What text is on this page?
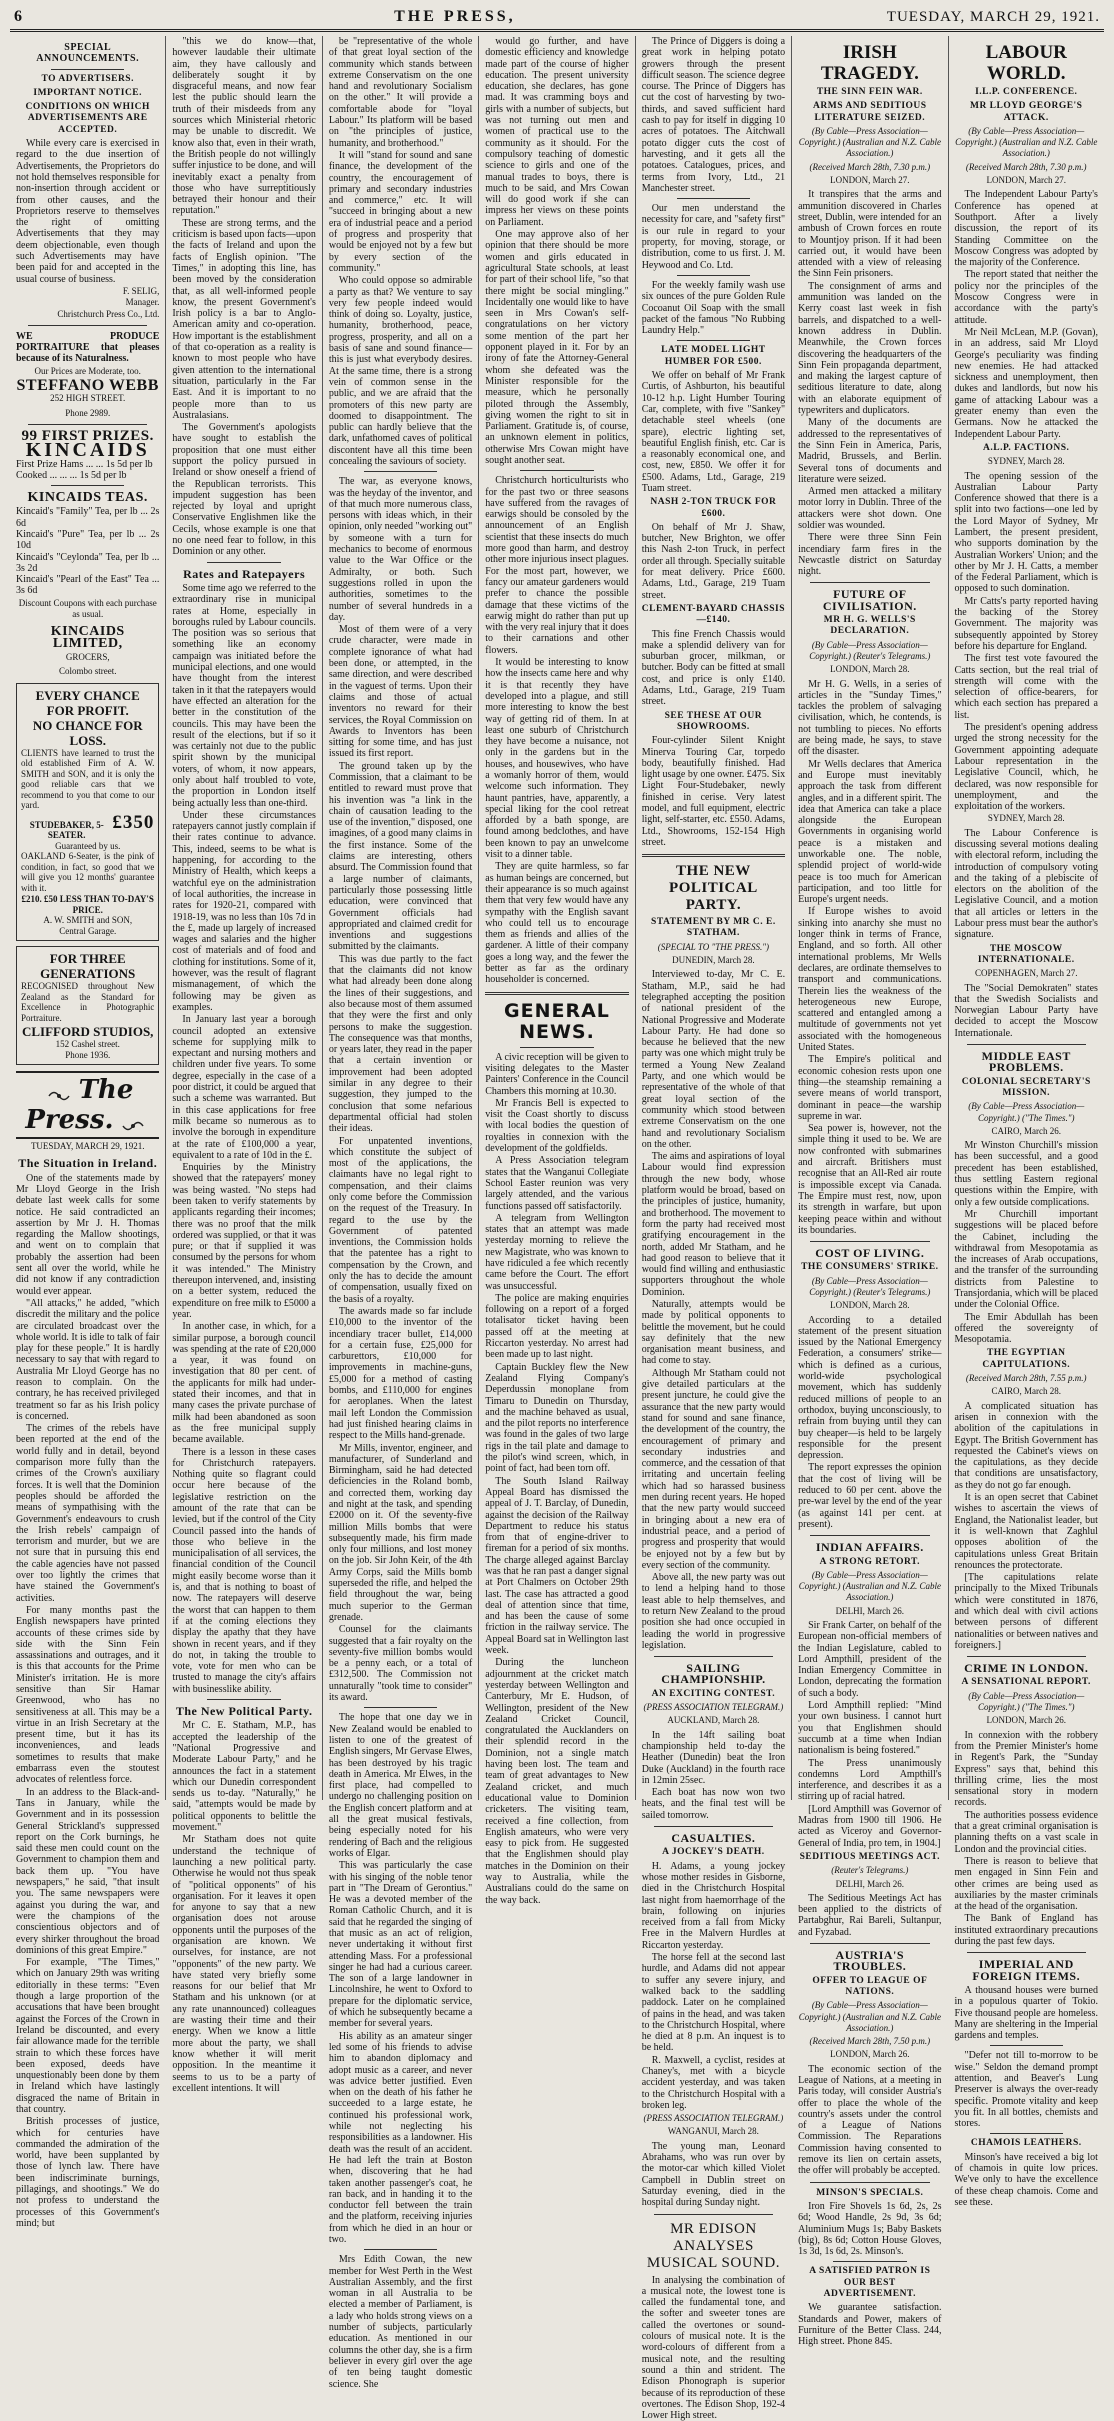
6	THE PRESS,	TUESDAY, MARCH 29, 1921.
SPECIAL ANNOUNCEMENTS.
TO ADVERTISERS.
IMPORTANT NOTICE.
CONDITIONS ON WHICH ADVERTISEMENTS ARE ACCEPTED.

While every care is exercised in regard to the due insertion of Advertisements, the Proprietors do not hold themselves responsible for non-insertion through accident or from other causes, and the Proprietors reserve to themselves the right of omitting Advertisements that they may deem objectionable, even though such Advertisements may have been paid for and accepted in the usual course of business.

F. SELIG,
Manager.
Christchurch Press Co., Ltd.

WE PRODUCE PORTRAITURE that pleases because of its Naturalness.

Our Prices are Moderate, too.
STEFFANO WEBB
252 HIGH STREET.
Phone 2989.
99 FIRST PRIZES.
KINCAIDS
First Prize Hams ... ... 1s 5d per lb
Cooked ... ... ... 1s 5d per lb
KINCAIDS TEAS.
Kincaid's "Family" Tea, per lb ... 2s 6d
Kincaid's "Pure" Tea, per lb ... 2s 10d
Kincaid's "Ceylonda" Tea, per lb ... 3s 2d
Kincaid's "Pearl of the East" Tea ... 3s 6d
Discount Coupons with each purchase as usual.
KINCAIDS LIMITED,
GROCERS,
Colombo street.
EVERY CHANCE FOR PROFIT.
NO CHANCE FOR LOSS.

CLIENTS have learned to trust the old established Firm of A. W. SMITH and SON, and it is only the good reliable cars that we recommend to you that come to our yard.

STUDEBAKER, 5-SEATER.
£350
Guaranteed by us.

OAKLAND 6-Seater, is the pink of condition, in fact, so good that we will give you 12 months' guarantee with it.

£210. £50 LESS THAN TO-DAY'S PRICE.
A. W. SMITH and SON,
Central Garage.
FOR THREE GENERATIONS

RECOGNISED throughout New Zealand as the Standard for Excellence in Photographic Portraiture.

CLIFFORD STUDIOS,
152 Cashel street.
Phone 1936.
The Press.
TUESDAY, MARCH 29, 1921.
The Situation in Ireland.

One of the statements made by Mr Lloyd George in the Irish debate last week calls for some notice. He said contradicted an assertion by Mr J. H. Thomas regarding the Mallow shootings, and went on to complain that probably the assertion had been sent all over the world, while he did not know if any contradiction would ever appear.

"All attacks," he added, "which discredit the military and the police are circulated broadcast over the whole world. It is idle to talk of fair play for these people." It is hardly necessary to say that with regard to Australia Mr Lloyd George has no reason to complain. On the contrary, he has received privileged treatment so far as his Irish policy is concerned.

The crimes of the rebels have been reported at the end of the world fully and in detail, beyond comparison more fully than the crimes of the Crown's auxiliary forces. It is well that the Dominion peoples should be afforded the means of sympathising with the Government's endeavours to crush the Irish rebels' campaign of terrorism and murder, but we are not sure that in pursuing this end the cable agencies have not passed over too lightly the crimes that have stained the Government's activities.

For many months past the English newspapers have printed accounts of these crimes side by side with the Sinn Fein assassinations and outrages, and it is this that accounts for the Prime Minister's irritation. He is more sensitive than Sir Hamar Greenwood, who has no sensitiveness at all. This may be a virtue in an Irish Secretary at the present time, but it has its inconveniences, and leads sometimes to results that make embarrass even the stoutest advocates of relentless force.

In an address to the Black-and-Tans in January, while the Government and in its possession General Strickland's suppressed report on the Cork burnings, he said these men could count on the Government to champion them and back them up. "You have newspapers," he said, "that insult you. The same newspapers were against you during the war, and were the champions of the conscientious objectors and of every shirker throughout the broad dominions of this great Empire."

For example, "The Times," which on January 29th was writing editorially in these terms: "Even though a large proportion of the accusations that have been brought against the Forces of the Crown in Ireland be discounted, and every fair allowance made for the terrible strain to which these forces have been exposed, deeds have unquestionably been done by them in Ireland which have lastingly disgraced the name of Britain in that country.

British processes of justice, which for centuries have commanded the admiration of the world, have been supplanted by those of lynch law. There have been indiscriminate burnings, pillagings, and shootings." We do not profess to understand the processes of this Government's mind; but

"this we do know—that, however laudable their ultimate aim, they have callously and deliberately sought it by disgraceful means, and now fear lest the public should learn the truth of their misdeeds from any sources which Ministerial rhetoric may be unable to discredit. We know also that, even in their wrath, the British people do not willingly suffer injustice to be done, and will inevitably exact a penalty from those who have surreptitiously betrayed their honour and their reputation."

These are strong terms, and the criticism is based upon facts—upon the facts of Ireland and upon the facts of English opinion. "The Times," in adopting this line, has been moved by the consideration that, as all well-informed people know, the present Government's Irish policy is a bar to Anglo-American amity and co-operation. How important is the establishment of that co-operation as a reality is known to most people who have given attention to the international situation, particularly in the Far East. And it is important to no people more than to us Australasians.

The Government's apologists have sought to establish the proposition that one must either support the policy pursued in Ireland or show oneself a friend of the Republican terrorists. This impudent suggestion has been rejected by loyal and upright Conservative Englishmen like the Cecils, whose example is one that no one need fear to follow, in this Dominion or any other.

Rates and Ratepayers

Some time ago we referred to the extraordinary rise in municipal rates at Home, especially in boroughs ruled by Labour councils. The position was so serious that something like an economy campaign was initiated before the municipal elections, and one would have thought from the interest taken in it that the ratepayers would have effected an alteration for the better in the constitution of the councils. This may have been the result of the elections, but if so it was certainly not due to the public spirit shown by the municipal voters, of whom, it now appears, only about half troubled to vote, the proportion in London itself being actually less than one-third.

Under these circumstances ratepayers cannot justly complain if their rates continue to advance. This, indeed, seems to be what is happening, for according to the Ministry of Health, which keeps a watchful eye on the administration of local authorities, the increase in rates for 1920-21, compared with 1918-19, was no less than 10s 7d in the £, made up largely of increased wages and salaries and the higher cost of materials and of food and clothing for institutions. Some of it, however, was the result of flagrant mismanagement, of which the following may be given as examples.

In January last year a borough council adopted an extensive scheme for supplying milk to expectant and nursing mothers and children under five years. To some degree, especially in the case of a poor district, it could be argued that such a scheme was warranted. But in this case applications for free milk became so numerous as to involve the borough in expenditure at the rate of £100,000 a year, equivalent to a rate of 10d in the £.

Enquiries by the Ministry showed that the ratepayers' money was being wasted. "No steps had been taken to verify statements by applicants regarding their incomes; there was no proof that the milk ordered was supplied, or that it was pure; or that if supplied it was consumed by the persons for whom it was intended." The Ministry thereupon intervened, and, insisting on a better system, reduced the expenditure on free milk to £5000 a year.

In another case, in which, for a similar purpose, a borough council was spending at the rate of £20,000 a year, it was found on investigation that 80 per cent. of the applicants for milk had under-stated their incomes, and that in many cases the private purchase of milk had been abandoned as soon as the free municipal supply became available.

There is a lesson in these cases for Christchurch ratepayers. Nothing quite so flagrant could occur here because of the legislative restriction on the amount of the rate that can be levied, but if the control of the City Council passed into the hands of those who believe in the municipalisation of all services, the financial condition of the Council might easily become worse than it is, and that is nothing to boast of now. The ratepayers will deserve the worst that can happen to them if at the coming elections they display the apathy that they have shown in recent years, and if they do not, in taking the trouble to vote, vote for men who can be trusted to manage the city's affairs with businesslike ability.

The New Political Party.

Mr C. E. Statham, M.P., has accepted the leadership of the "National Progressive and Moderate Labour Party," and he announces the fact in a statement which our Dunedin correspondent sends us to-day. "Naturally," he said, "attempts would be made by political opponents to belittle the movement."

Mr Statham does not quite understand the technique of launching a new political party. Otherwise he would not thus speak of "political opponents" of his organisation. For it leaves it open for anyone to say that a new organisation does not arouse opponents until the purposes of the organisation are known. We ourselves, for instance, are not "opponents" of the new party. We have stated very briefly some reasons for our belief that Mr Statham and his unknown (or at any rate unannounced) colleagues are wasting their time and their energy. When we know a little more about the party, we shall know whether it will merit opposition. In the meantime it seems to us to be a party of excellent intentions. It will

be "representative of the whole of that great loyal section of the community which stands between extreme Conservatism on the one hand and revolutionary Socialism on the other." It will provide a comfortable abode for "loyal Labour." Its platform will be based on "the principles of justice, humanity, and brotherhood."

It will "stand for sound and sane finance, the development of the country, the encouragement of primary and secondary industries and commerce," etc. It will "succeed in bringing about a new era of industrial peace and a period of progress and prosperity that would be enjoyed not by a few but by every section of the community."

Who could oppose so admirable a party as that? We venture to say very few people indeed would think of doing so. Loyalty, justice, humanity, brotherhood, peace, progress, prosperity, and all on a basis of sane and sound finance—this is just what everybody desires. At the same time, there is a strong vein of common sense in the public, and we are afraid that the promoters of this new party are doomed to disappointment. The public can hardly believe that the dark, unfathomed caves of political discontent have all this time been concealing the saviours of society.

The war, as everyone knows, was the heyday of the inventor, and of that much more numerous class, persons with ideas which, in their opinion, only needed "working out" by someone with a turn for mechanics to become of enormous value to the War Office or the Admiralty, or both. Such suggestions rolled in upon the authorities, sometimes to the number of several hundreds in a day.

Most of them were of a very crude character, were made in complete ignorance of what had been done, or attempted, in the same direction, and were described in the vaguest of terms. Upon their claims and those of actual inventors no reward for their services, the Royal Commission on Awards to Inventors has been sitting for some time, and has just issued its first report.

The ground taken up by the Commission, that a claimant to be entitled to reward must prove that his invention was "a link in the chain of causation leading to the use of the invention," disposed, one imagines, of a good many claims in the first instance. Some of the claims are interesting, others absurd. The Commission found that a large number of claimants, particularly those possessing little education, were convinced that Government officials had appropriated and claimed credit for inventions and suggestions submitted by the claimants.

This was due partly to the fact that the claimants did not know what had already been done along the lines of their suggestions, and also because most of them assumed that they were the first and only persons to make the suggestion. The consequence was that months, or years later, they read in the paper that a certain invention or improvement had been adopted similar in any degree to their suggestion, they jumped to the conclusion that some nefarious departmental official had stolen their ideas.

For unpatented inventions, which constitute the subject of most of the applications, the claimants have no legal right to compensation, and their claims only come before the Commission on the request of the Treasury. In regard to the use by the Government of patented inventions, the Commission holds that the patentee has a right to compensation by the Crown, and only the has to decide the amount of compensation, usually fixed on the basis of a royalty.

The awards made so far include £10,000 to the inventor of the incendiary tracer bullet, £14,000 for a certain fuse, £25,000 for carburettors, £10,000 for improvements in machine-guns, £5,000 for a method of casting bombs, and £110,000 for engines for aeroplanes. When the latest mail left London the Commission had just finished hearing claims in respect to the Mills hand-grenade.

Mr Mills, inventor, engineer, and manufacturer, of Sunderland and Birmingham, said he had detected deficiencies in the Roland bomb, and corrected them, working day and night at the task, and spending £2000 on it. Of the seventy-five million Mills bombs that were subsequently made, his firm made only four millions, and lost money on the job. Sir John Keir, of the 4th Army Corps, said the Mills bomb superseded the rifle, and helped the field throughout the war, being much superior to the German grenade.

Counsel for the claimants suggested that a fair royalty on the seventy-five million bombs would be a penny each, or a total of £312,500. The Commission not unnaturally "took time to consider" its award.

The hope that one day we in New Zealand would be enabled to listen to one of the greatest of English singers, Mr Gervase Elwes, has been destroyed by his tragic death in America. Mr Elwes, in the first place, had compelled to undergo no challenging position on the English concert platform and at all the great musical festivals, being especially noted for his rendering of Bach and the religious works of Elgar.

This was particularly the case with his singing of the noble tenor part in "The Dream of Gerontius." He was a devoted member of the Roman Catholic Church, and it is said that he regarded the singing of that music as an act of religion, never undertaking it without first attending Mass. For a professional singer he had had a curious career. The son of a large landowner in Lincolnshire, he went to Oxford to prepare for the diplomatic service, of which he subsequently became a member for several years.

His ability as an amateur singer led some of his friends to advise him to abandon diplomacy and adopt music as a career, and never was advice better justified. Even when on the death of his father he succeeded to a large estate, he continued his professional work, while not neglecting his responsibilities as a landowner. His death was the result of an accident. He had left the train at Boston when, discovering that he had taken another passenger's coat, he ran back, and in handing it to the conductor fell between the train and the platform, receiving injuries from which he died in an hour or two.

Mrs Edith Cowan, the new member for West Perth in the West Australian Assembly, and the first woman in all Australia to be elected a member of Parliament, is a lady who holds strong views on a number of subjects, particularly education. As mentioned in our columns the other day, she is a firm believer in every girl over the age of ten being taught domestic science. She

would go further, and have domestic efficiency and knowledge made part of the course of higher education. The present university education, she declares, has gone mad. It was cramming boys and girls with a number of subjects, but was not turning out men and women of practical use to the community as it should. For the compulsory teaching of domestic science to girls and one of the manual trades to boys, there is much to be said, and Mrs Cowan will do good work if she can impress her views on these points on Parliament.

One may approve also of her opinion that there should be more women and girls educated in agricultural State schools, at least for part of their school life, "so that there might be social mingling." Incidentally one would like to have seen in Mrs Cowan's self-congratulations on her victory some mention of the part her opponent played in it. For by an irony of fate the Attorney-General whom she defeated was the Minister responsible for the measure, which he personally piloted through the Assembly, giving women the right to sit in Parliament. Gratitude is, of course, an unknown element in politics, otherwise Mrs Cowan might have sought another seat.

Christchurch horticulturists who for the past two or three seasons have suffered from the ravages of earwigs should be consoled by the announcement of an English scientist that these insects do much more good than harm, and destroy other more injurious insect plagues. For the most part, however, we fancy our amateur gardeners would prefer to chance the possible damage that these victims of the earwig might do rather than put up with the very real injury that it does to their carnations and other flowers.

It would be interesting to know how the insects came here and why it is that recently they have developed into a plague, and still more interesting to know the best way of getting rid of them. In at least one suburb of Christchurch they have become a nuisance, not only in the gardens but in the houses, and housewives, who have a womanly horror of them, would welcome such information. They haunt pantries, have, apparently, a special liking for the cool retreat afforded by a bath sponge, are found among bedclothes, and have been known to pay an unwelcome visit to a dinner table.

They are quite harmless, so far as human beings are concerned, but their appearance is so much against them that very few would have any sympathy with the English savant who could tell us to encourage them as friends and allies of the gardener. A little of their company goes a long way, and the fewer the better as far as the ordinary householder is concerned.

GENERAL NEWS.

A civic reception will be given to visiting delegates to the Master Painters' Conference in the Council Chambers this morning at 10.30.

Mr Francis Bell is expected to visit the Coast shortly to discuss with local bodies the question of royalties in connexion with the development of the goldfields.

A Press Association telegram states that the Wanganui Collegiate School Easter reunion was very largely attended, and the various functions passed off satisfactorily.

A telegram from Wellington states that an attempt was made yesterday morning to relieve the new Magistrate, who was known to have ridiculed a fee which recently came before the Court. The effort was unsuccessful.

The police are making enquiries following on a report of a forged totalisator ticket having been passed off at the meeting at Riccarton yesterday. No arrest had been made up to last night.

Captain Buckley flew the New Zealand Flying Company's Deperdussin monoplane from Timaru to Dunedin on Thursday, and the machine behaved as usual, and the pilot reports no interference was found in the gales of two large rigs in the tail plate and damage to the pilot's wind screen, which, in point of fact, had been torn off.

The South Island Railway Appeal Board has dismissed the appeal of J. T. Barclay, of Dunedin, against the decision of the Railway Department to reduce his status from that of engine-driver to fireman for a period of six months. The charge alleged against Barclay was that he ran past a danger signal at Port Chalmers on October 29th last. The case has attracted a good deal of attention since that time, and has been the cause of some friction in the railway service. The Appeal Board sat in Wellington last week.

During the luncheon adjournment at the cricket match yesterday between Wellington and Canterbury, Mr E. Hudson, of Wellington, president of the New Zealand Cricket Council, congratulated the Aucklanders on their splendid record in the Dominion, not a single match having been lost. The team and team of great advantages to New Zealand cricket, and much educational value to Dominion cricketers. The visiting team, received a fine collection, from English amateurs, who were very easy to pick from. He suggested that the Englishmen should play matches in the Dominion on their way to Australia, while the Australians could do the same on the way back.

The Prince of Diggers is doing a great work in helping potato growers through the present difficult season. The science degree course. The Prince of Diggers has cut the cost of harvesting by two-thirds, and saved sufficient hard cash to pay for itself in digging 10 acres of potatoes. The Aitchwall potato digger cuts the cost of harvesting, and it gets all the potatoes. Catalogues, prices, and terms from Ivory, Ltd., 21 Manchester street.

Our men understand the necessity for care, and "safety first" is our rule in regard to your property, for moving, storage, or distribution, come to us first. J. M. Heywood and Co. Ltd.

For the weekly family wash use six ounces of the pure Golden Rule Cocoanut Oil Soap with the small packet of the famous "No Rubbing Laundry Help."

LATE MODEL LIGHT HUMBER FOR £500.

We offer on behalf of Mr Frank Curtis, of Ashburton, his beautiful 10-12 h.p. Light Humber Touring Car, complete, with five "Sankey" detachable steel wheels (one spare), electric lighting set, beautiful English finish, etc. Car is a reasonably economical one, and cost, new, £850. We offer it for £500. Adams, Ltd., Garage, 219 Tuam street.

NASH 2-TON TRUCK FOR £600.

On behalf of Mr J. Shaw, butcher, New Brighton, we offer this Nash 2-ton Truck, in perfect order all through. Specially suitable for meat delivery. Price £600. Adams, Ltd., Garage, 219 Tuam street.

CLEMENT-BAYARD CHASSIS—£140.

This fine French Chassis would make a splendid delivery van for suburban grocer, milkman, or butcher. Body can be fitted at small cost, and price is only £140. Adams, Ltd., Garage, 219 Tuam street.

SEE THESE AT OUR SHOWROOMS.

Four-cylinder Silent Knight Minerva Touring Car, torpedo body, beautifully finished. Had light usage by one owner. £475. Six Light Four-Studebaker, newly finished in cerise. Very latest model, and full equipment, electric light, self-starter, etc. £550. Adams, Ltd., Showrooms, 152-154 High street.

THE NEW POLITICAL PARTY.
STATEMENT BY MR C. E. STATHAM.
(SPECIAL TO "THE PRESS.")
DUNEDIN, March 28.

Interviewed to-day, Mr C. E. Statham, M.P., said he had telegraphed accepting the position of national president of the National Progressive and Moderate Labour Party. He had done so because he believed that the new party was one which might truly be termed a Young New Zealand Party, and one which would be representative of the whole of that great loyal section of the community which stood between extreme Conservatism on the one hand and revolutionary Socialism on the other.

The aims and aspirations of loyal Labour would find expression through the new body, whose platform would be broad, based on the principles of justice, humanity, and brotherhood. The movement to form the party had received most gratifying encouragement in the north, added Mr Statham, and he had good reason to believe that it would find willing and enthusiastic supporters throughout the whole Dominion.

Naturally, attempts would be made by political opponents to belittle the movement, but he could say definitely that the new organisation meant business, and had come to stay.

Although Mr Statham could not give detailed particulars at the present juncture, he could give the assurance that the new party would stand for sound and sane finance, the development of the country, the encouragement of primary and secondary industries and commerce, and the cessation of that irritating and uncertain feeling which had so harassed business men during recent years. He hoped that the new party would succeed in bringing about a new era of industrial peace, and a period of progress and prosperity that would be enjoyed not by a few but by every section of the community.

Above all, the new party was out to lend a helping hand to those least able to help themselves, and to return New Zealand to the proud position she had once occupied in leading the world in progressive legislation.

SAILING CHAMPIONSHIP.
AN EXCITING CONTEST.
(PRESS ASSOCIATION TELEGRAM.)
AUCKLAND, March 28.

In the 14ft sailing boat championship held to-day the Heather (Dunedin) beat the Iron Duke (Auckland) in the fourth race in 12min 25sec.

Each boat has now won two heats, and the final test will be sailed tomorrow.

CASUALTIES.
A JOCKEY'S DEATH.

H. Adams, a young jockey whose mother resides in Gisborne, died in the Christchurch Hospital last night from haemorrhage of the brain, following on injuries received from a fall from Micky Free in the Malvern Hurdles at Riccarton yesterday.

The horse fell at the second last hurdle, and Adams did not appear to suffer any severe injury, and walked back to the saddling paddock. Later on he complained of pains in the head, and was taken to the Christchurch Hospital, where he died at 8 p.m. An inquest is to be held.

R. Maxwell, a cyclist, resides at Chaney's, met with a bicycle accident yesterday, and was taken to the Christchurch Hospital with a broken leg.

(PRESS ASSOCIATION TELEGRAM.)
WANGANUI, March 28.

The young man, Leonard Abrahams, who was run over by the motor-car which killed Violet Campbell in Dublin street on Saturday evening, died in the hospital during Sunday night.

MR EDISON ANALYSES MUSICAL SOUND.

In analysing the combination of a musical note, the lowest tone is called the fundamental tone, and the softer and sweeter tones are called the overtones or sound-colours of musical note. It is the word-colours of different from a musical note, and the resulting sound a thin and strident. The Edison Phonograph is superior because of its reproduction of these overtones. The Edison Shop, 192-4 Lower High street.

IRISH TRAGEDY.
THE SINN FEIN WAR.
ARMS AND SEDITIOUS LITERATURE SEIZED.
(By Cable—Press Association—Copyright.) (Australian and N.Z. Cable Association.)
(Received March 28th, 7.30 p.m.)
LONDON, March 27.

It transpires that the arms and ammunition discovered in Charles street, Dublin, were intended for an ambush of Crown forces en route to Mountjoy prison. If it had been carried out, it would have been attended with a view of releasing the Sinn Fein prisoners.

The consignment of arms and ammunition was landed on the Kerry coast last week in fish barrels, and dispatched to a well-known address in Dublin. Meanwhile, the Crown forces discovering the headquarters of the Sinn Fein propaganda department, and making the largest capture of seditious literature to date, along with an elaborate equipment of typewriters and duplicators.

Many of the documents are addressed to the representatives of the Sinn Fein in America, Paris, Madrid, Brussels, and Berlin. Several tons of documents and literature were seized.

Armed men attacked a military motor lorry in Dublin. Three of the attackers were shot down. One soldier was wounded.

There were three Sinn Fein incendiary farm fires in the Newcastle district on Saturday night.

FUTURE OF CIVILISATION.
MR H. G. WELLS'S DECLARATION.
(By Cable—Press Association—Copyright.) (Reuter's Telegrams.)
LONDON, March 28.

Mr H. G. Wells, in a series of articles in the "Sunday Times," tackles the problem of salvaging civilisation, which, he contends, is not tumbling to pieces. No efforts are being made, he says, to stave off the disaster.

Mr Wells declares that America and Europe must inevitably approach the task from different angles, and in a different spirit. The idea that America can take a place alongside the European Governments in organising world peace is a mistaken and unworkable one. The noble, splendid project of world-wide peace is too much for American participation, and too little for Europe's urgent needs.

If Europe wishes to avoid sinking into anarchy she must no longer think in terms of France, England, and so forth. All other international problems, Mr Wells declares, are ordinate themselves to transport and communications. Therein lies the weakness of the heterogeneous new Europe, scattered and entangled among a multitude of governments not yet associated with the homogeneous United States.

The Empire's political and economic cohesion rests upon one thing—the steamship remaining a severe means of world transport, dominant in peace—the warship supreme in war.

Sea power is, however, not the simple thing it used to be. We are now confronted with submarines and aircraft. Britishers must recognise that an All-Red air route is impossible except via Canada. The Empire must rest, now, upon its strength in warfare, but upon keeping peace within and without its boundaries.

COST OF LIVING.
THE CONSUMERS' STRIKE.
(By Cable—Press Association—Copyright.) (Reuter's Telegrams.)
LONDON, March 28.

According to a detailed statement of the present situation issued by the National Emergency Federation, a consumers' strike—which is defined as a curious, world-wide psychological movement, which has suddenly reduced millions of people to an orthodox, buying unconsciously, to refrain from buying until they can buy cheaper—is held to be largely responsible for the present depression.

The report expresses the opinion that the cost of living will be reduced to 60 per cent. above the pre-war level by the end of the year (as against 141 per cent. at present).

INDIAN AFFAIRS.
A STRONG RETORT.
(By Cable—Press Association—Copyright.) (Australian and N.Z. Cable Association.)
DELHI, March 26.

Sir Frank Carter, on behalf of the European non-official members of the Indian Legislature, cabled to Lord Ampthill, president of the Indian Emergency Committee in London, deprecating the formation of such a body.

Lord Ampthill replied: "Mind your own business. I cannot hurt you that Englishmen should succumb at a time when Indian nationalism is being fostered."

The Press unanimously condemns Lord Ampthill's interference, and describes it as a stirring up of racial hatred.

[Lord Ampthill was Governor of Madras from 1900 till 1906. He acted as Viceroy and Governor-General of India, pro tem, in 1904.]

SEDITIOUS MEETINGS ACT.
(Reuter's Telegrams.)
DELHI, March 26.

The Seditious Meetings Act has been applied to the districts of Partabghur, Rai Bareli, Sultanpur, and Fyzabad.

AUSTRIA'S TROUBLES.
OFFER TO LEAGUE OF NATIONS.
(By Cable—Press Association—Copyright.) (Australian and N.Z. Cable Association.)
(Received March 28th, 7.50 p.m.)
LONDON, March 26.

The economic section of the League of Nations, at a meeting in Paris today, will consider Austria's offer to place the whole of the country's assets under the control of a League of Nations Commission. The Reparations Commission having consented to remove its lien on certain assets, the offer will probably be accepted.

MINSON'S SPECIALS.

Iron Fire Shovels 1s 6d, 2s, 2s 6d; Wood Handle, 2s 9d, 3s 6d; Aluminium Mugs 1s; Baby Baskets (big), 8s 6d; Cotton House Gloves, 1s 3d, 1s 6d, 2s. Minson's.

A SATISFIED PATRON IS OUR BEST ADVERTISEMENT.

We guarantee satisfaction. Standards and Power, makers of Furniture of the Better Class. 244, High street. Phone 845.

LABOUR WORLD.
I.L.P. CONFERENCE.
MR LLOYD GEORGE'S ATTACK.
(By Cable—Press Association—Copyright.) (Australian and N.Z. Cable Association.)
(Received March 28th, 7.30 p.m.)
LONDON, March 27.

The Independent Labour Party's Conference has opened at Southport. After a lively discussion, the report of its Standing Committee on the Moscow Congress was adopted by the majority of the Conference.

The report stated that neither the policy nor the principles of the Moscow Congress were in accordance with the party's attitude.

Mr Neil McLean, M.P. (Govan), in an address, said Mr Lloyd George's peculiarity was finding new enemies. He had attacked sickness and unemployment, then dukes and landlords, but now his game of attacking Labour was a greater enemy than even the Germans. Now he attacked the Independent Labour Party.

A.L.P. FACTIONS.
SYDNEY, March 28.

The opening session of the Australian Labour Party Conference showed that there is a split into two factions—one led by the Lord Mayor of Sydney, Mr Lambert, the present president, who supports domination by the Australian Workers' Union; and the other by Mr J. H. Catts, a member of the Federal Parliament, which is opposed to such domination.

Mr Catts's party reported having the backing of the Storey Government. The majority was subsequently appointed by Storey before his departure for England.

The first test vote favoured the Catts section, but the real trial of strength will come with the selection of office-bearers, for which each section has prepared a list.

The president's opening address urged the strong necessity for the Government appointing adequate Labour representation in the Legislative Council, which, he declared, was now responsible for unemployment, and the exploitation of the workers.

SYDNEY, March 28.

The Labour Conference is discussing several motions dealing with electoral reform, including the introduction of compulsory voting and the taking of a plebiscite of electors on the abolition of the Legislative Council, and a motion that all articles or letters in the Labour press must bear the author's signature.

THE MOSCOW INTERNATIONALE.
COPENHAGEN, March 27.

The "Social Demokraten" states that the Swedish Socialists and Norwegian Labour Party have decided to accept the Moscow Internationale.

MIDDLE EAST PROBLEMS.
COLONIAL SECRETARY'S MISSION.
(By Cable—Press Association—Copyright.) ("The Times.")
CAIRO, March 26.

Mr Winston Churchill's mission has been successful, and a good precedent has been established, thus settling Eastern regional questions within the Empire, with only a few outside complications.

Mr Churchill important suggestions will be placed before the Cabinet, including the withdrawal from Mesopotamia as the increases of Arab occupations, and the transfer of the surrounding districts from Palestine to Transjordania, which will be placed under the Colonial Office.

The Emir Abdullah has been offered the sovereignty of Mesopotamia.

THE EGYPTIAN CAPITULATIONS.
(Received March 28th, 7.55 p.m.)
CAIRO, March 28.

A complicated situation has arisen in connexion with the abolition of the capitulations in Egypt. The British Government has requested the Cabinet's views on the capitulations, as they decide that conditions are unsatisfactory, as they do not go far enough.

It is an open secret that Cabinet wishes to ascertain the views of England, the Nationalist leader, but it is well-known that Zaghlul opposes abolition of the capitulations unless Great Britain renounces the protectorate.

[The capitulations relate principally to the Mixed Tribunals which were constituted in 1876, and which deal with civil actions between persons of different nationalities or between natives and foreigners.]

CRIME IN LONDON.
A SENSATIONAL REPORT.
(By Cable—Press Association—Copyright.) ("The Times.")
LONDON, March 26.

In connexion with the robbery from the Premier Minister's home in Regent's Park, the "Sunday Express" says that, behind this thrilling crime, lies the most sensational story in modern records.

The authorities possess evidence that a great criminal organisation is planning thefts on a vast scale in London and the provincial cities.

There is reason to believe that men engaged in Sinn Fein and other crimes are being used as auxiliaries by the master criminals at the head of the organisation.

The Bank of England has instituted extraordinary precautions during the past few days.

IMPERIAL AND FOREIGN ITEMS.

A thousand houses were burned in a populous quarter of Tokio. Five thousand people are homeless. Many are sheltering in the Imperial gardens and temples.

"Defer not till to-morrow to be wise." Seldon the demand prompt attention, and Beaver's Lung Preserver is always the over-ready specific. Promote vitality and keep you fit. In all bottles, chemists and stores.

CHAMOIS LEATHERS.

Minson's have received a big lot of chamois in quite low prices. We've only to have the excellence of these cheap chamois. Come and see these.
